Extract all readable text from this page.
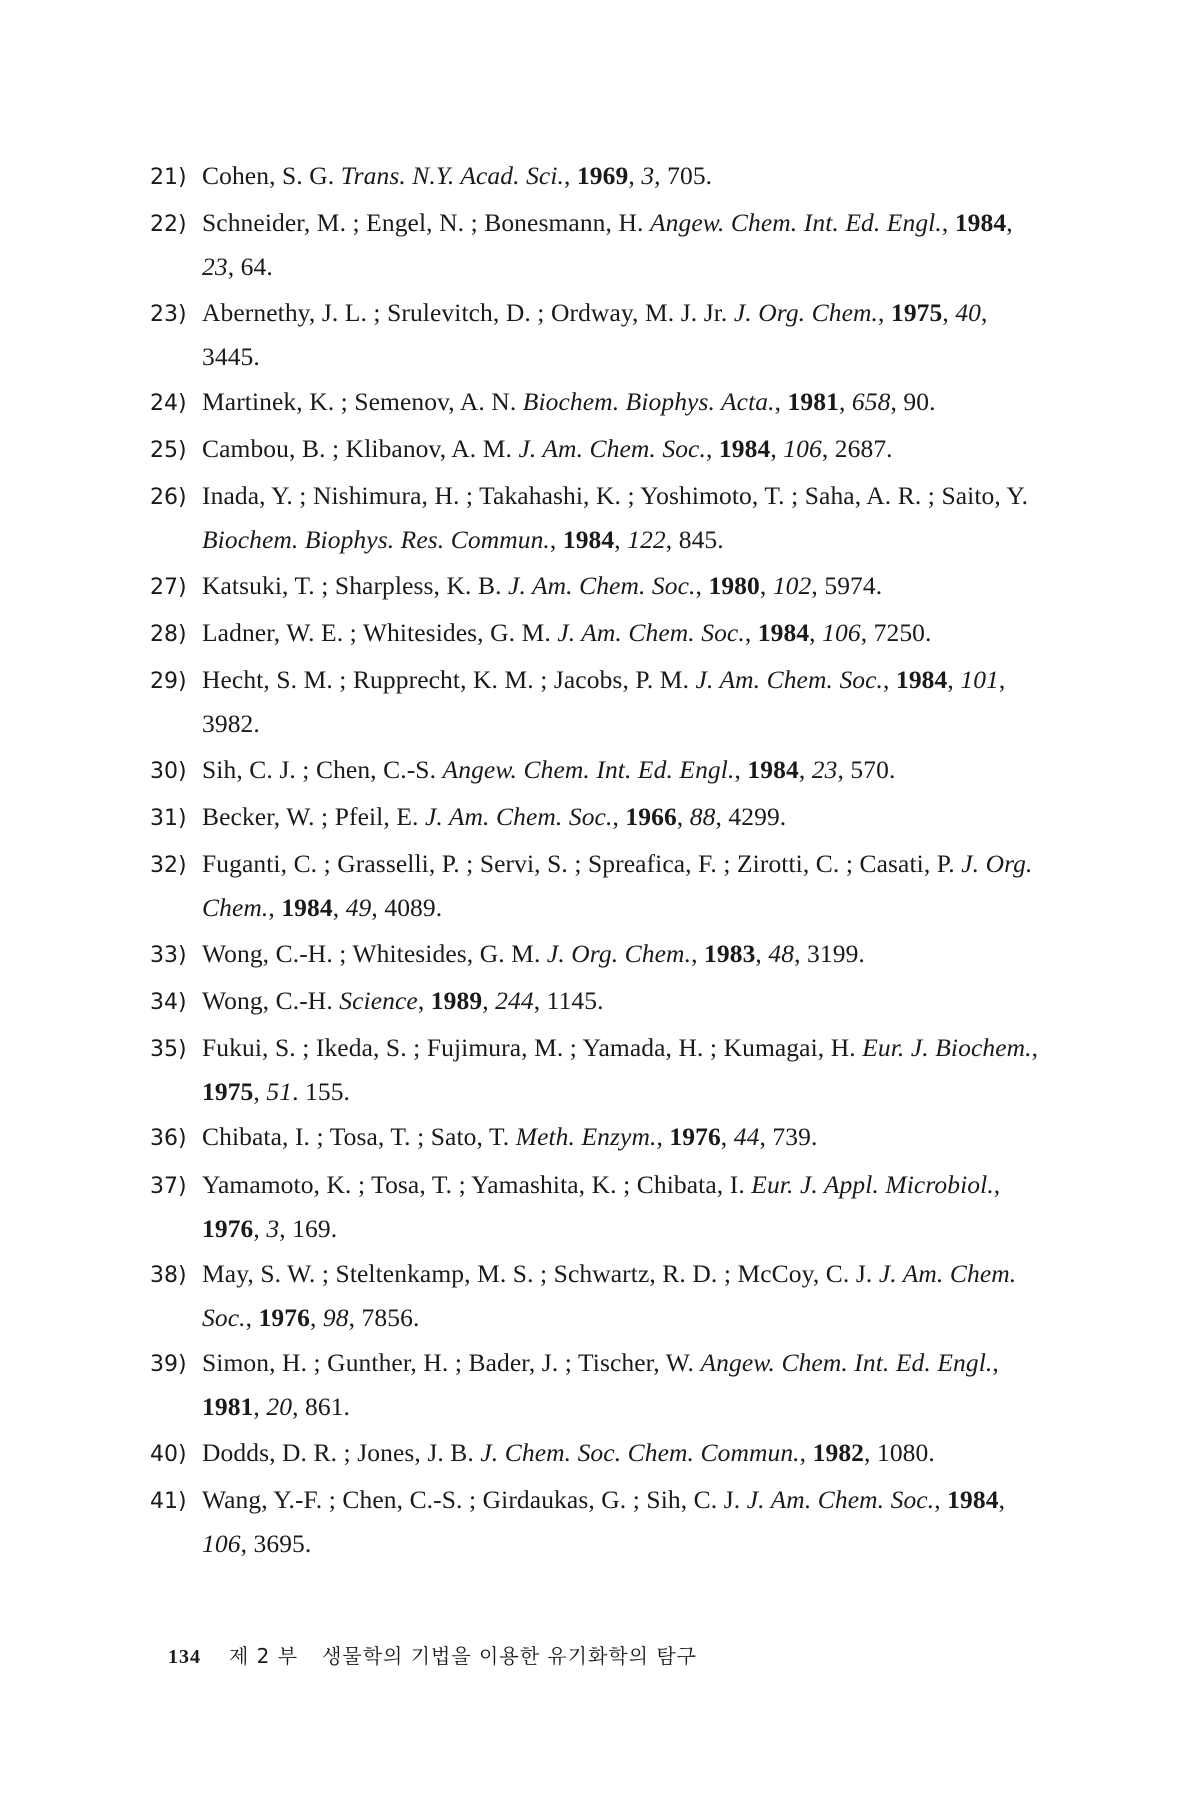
21) Cohen, S. G. Trans. N.Y. Acad. Sci., 1969, 3, 705.
22) Schneider, M. ; Engel, N. ; Bonesmann, H. Angew. Chem. Int. Ed. Engl., 1984, 23, 64.
23) Abernethy, J. L. ; Srulevitch, D. ; Ordway, M. J. Jr. J. Org. Chem., 1975, 40, 3445.
24) Martinek, K. ; Semenov, A. N. Biochem. Biophys. Acta., 1981, 658, 90.
25) Cambou, B. ; Klibanov, A. M. J. Am. Chem. Soc., 1984, 106, 2687.
26) Inada, Y. ; Nishimura, H. ; Takahashi, K. ; Yoshimoto, T. ; Saha, A. R. ; Saito, Y. Biochem. Biophys. Res. Commun., 1984, 122, 845.
27) Katsuki, T. ; Sharpless, K. B. J. Am. Chem. Soc., 1980, 102, 5974.
28) Ladner, W. E. ; Whitesides, G. M. J. Am. Chem. Soc., 1984, 106, 7250.
29) Hecht, S. M. ; Rupprecht, K. M. ; Jacobs, P. M. J. Am. Chem. Soc., 1984, 101, 3982.
30) Sih, C. J. ; Chen, C.-S. Angew. Chem. Int. Ed. Engl., 1984, 23, 570.
31) Becker, W. ; Pfeil, E. J. Am. Chem. Soc., 1966, 88, 4299.
32) Fuganti, C. ; Grasselli, P. ; Servi, S. ; Spreafica, F. ; Zirotti, C. ; Casati, P. J. Org. Chem., 1984, 49, 4089.
33) Wong, C.-H. ; Whitesides, G. M. J. Org. Chem., 1983, 48, 3199.
34) Wong, C.-H. Science, 1989, 244, 1145.
35) Fukui, S. ; Ikeda, S. ; Fujimura, M. ; Yamada, H. ; Kumagai, H. Eur. J. Biochem., 1975, 51. 155.
36) Chibata, I. ; Tosa, T. ; Sato, T. Meth. Enzym., 1976, 44, 739.
37) Yamamoto, K. ; Tosa, T. ; Yamashita, K. ; Chibata, I. Eur. J. Appl. Microbiol., 1976, 3, 169.
38) May, S. W. ; Steltenkamp, M. S. ; Schwartz, R. D. ; McCoy, C. J. J. Am. Chem. Soc., 1976, 98, 7856.
39) Simon, H. ; Gunther, H. ; Bader, J. ; Tischer, W. Angew. Chem. Int. Ed. Engl., 1981, 20, 861.
40) Dodds, D. R. ; Jones, J. B. J. Chem. Soc. Chem. Commun., 1982, 1080.
41) Wang, Y.-F. ; Chen, C.-S. ; Girdaukas, G. ; Sih, C. J. J. Am. Chem. Soc., 1984, 106, 3695.
134 제 2 부 생물학의 기법을 이용한 유기화학의 탐구
